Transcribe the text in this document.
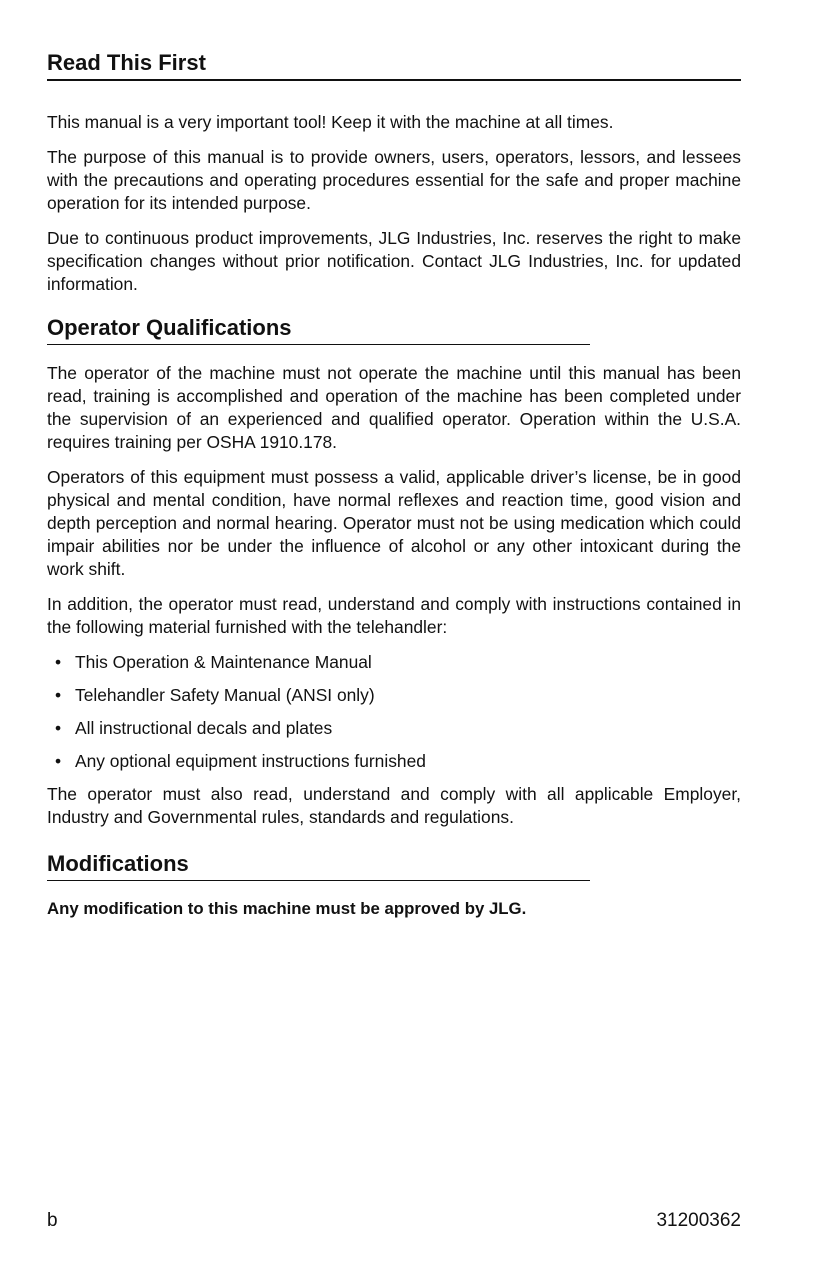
Read This First

This manual is a very important tool! Keep it with the machine at all times.

The purpose of this manual is to provide owners, users, operators, lessors, and lessees with the precautions and operating procedures essential for the safe and proper machine operation for its intended purpose.

Due to continuous product improvements, JLG Industries, Inc. reserves the right to make specification changes without prior notification. Contact JLG Industries, Inc. for updated information.

Operator Qualifications

The operator of the machine must not operate the machine until this manual has been read, training is accomplished and operation of the machine has been completed under the supervision of an experienced and qualified operator. Operation within the U.S.A. requires training per OSHA 1910.178.

Operators of this equipment must possess a valid, applicable driver’s license, be in good physical and mental condition, have normal reflexes and reaction time, good vision and depth perception and normal hearing. Operator must not be using medication which could impair abilities nor be under the influence of alcohol or any other intoxicant during the work shift.

In addition, the operator must read, understand and comply with instructions contained in the following material furnished with the telehandler:

• This Operation & Maintenance Manual
• Telehandler Safety Manual (ANSI only)
• All instructional decals and plates
• Any optional equipment instructions furnished

The operator must also read, understand and comply with all applicable Employer, Industry and Governmental rules, standards and regulations.

Modifications

Any modification to this machine must be approved by JLG.

b	31200362
